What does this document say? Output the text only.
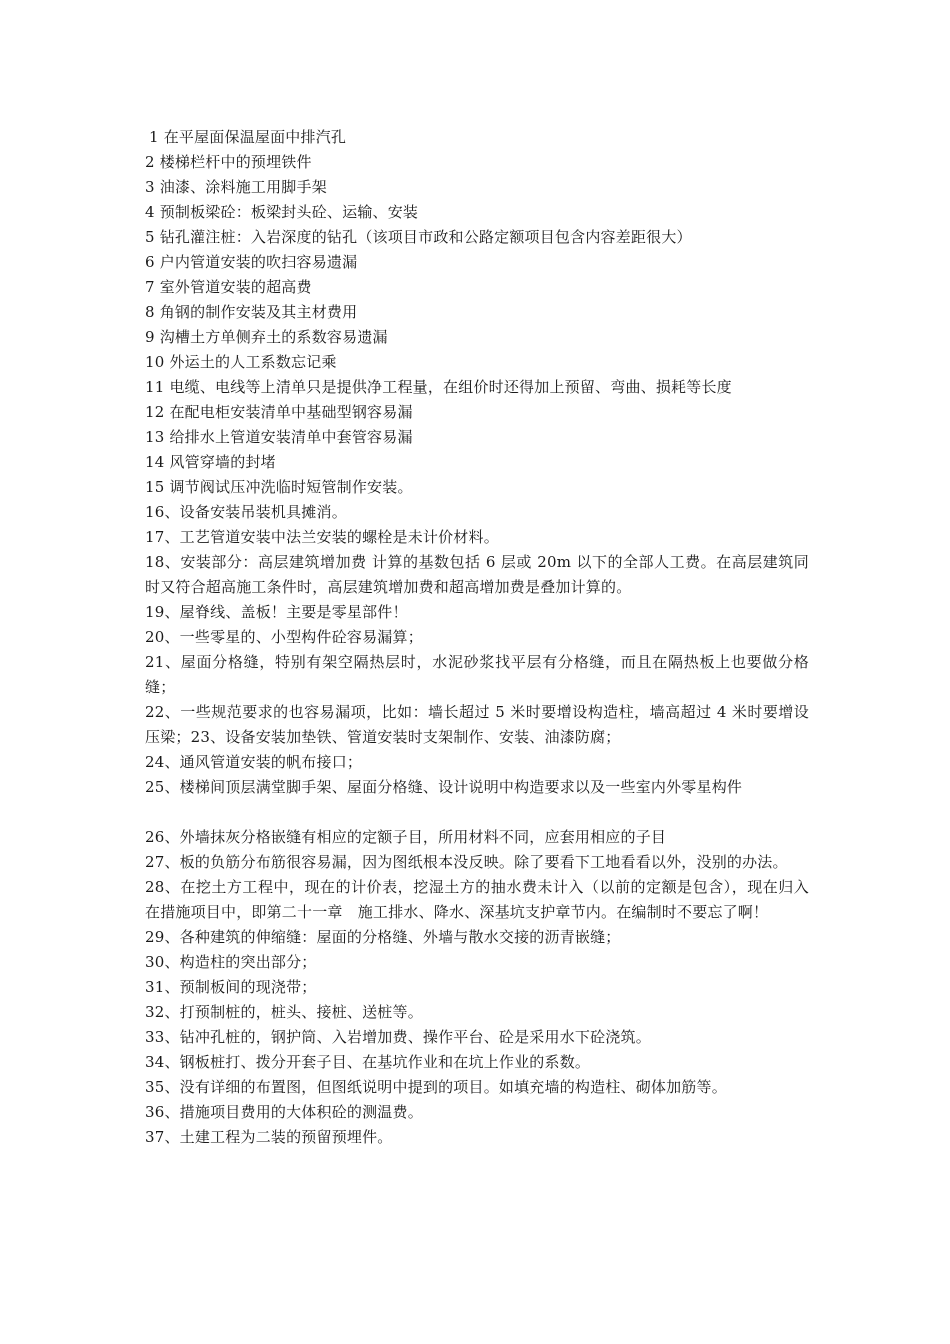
1 在平屋面保温屋面中排汽孔

2 楼梯栏杆中的预埋铁件

3 油漆、涂料施工用脚手架

4 预制板梁砼：板梁封头砼、运输、安装

5 钻孔灌注桩：入岩深度的钻孔（该项目市政和公路定额项目包含内容差距很大）

6 户内管道安装的吹扫容易遗漏

7 室外管道安装的超高费

8 角钢的制作安装及其主材费用

9 沟槽土方单侧弃土的系数容易遗漏

10 外运土的人工系数忘记乘

11 电缆、电线等上清单只是提供净工程量，在组价时还得加上预留、弯曲、损耗等长度

12 在配电柜安装清单中基础型钢容易漏

13 给排水上管道安装清单中套管容易漏

14 风管穿墙的封堵

15 调节阀试压冲洗临时短管制作安装。

16、设备安装吊装机具摊消。

17、工艺管道安装中法兰安装的螺栓是未计价材料。

18、安装部分：高层建筑增加费 计算的基数包括 6 层或 20m 以下的全部人工费。在高层建筑同时又符合超高施工条件时，高层建筑增加费和超高增加费是叠加计算的。

19、屋脊线、盖板！主要是零星部件！

20、一些零星的、小型构件砼容易漏算；

21、屋面分格缝，特别有架空隔热层时，水泥砂浆找平层有分格缝，而且在隔热板上也要做分格缝；

22、一些规范要求的也容易漏项，比如：墙长超过 5 米时要增设构造柱，墙高超过 4 米时要增设压梁；23、设备安装加垫铁、管道安装时支架制作、安装、油漆防腐；

24、通风管道安装的帆布接口；

25、楼梯间顶层满堂脚手架、屋面分格缝、设计说明中构造要求以及一些室内外零星构件

26、外墙抹灰分格嵌缝有相应的定额子目，所用材料不同，应套用相应的子目

27、板的负筋分布筋很容易漏，因为图纸根本没反映。除了要看下工地看看以外，没别的办法。

28、在挖土方工程中，现在的计价表，挖湿土方的抽水费未计入（以前的定额是包含），现在归入在措施项目中，即第二十一章　施工排水、降水、深基坑支护章节内。在编制时不要忘了啊！

29、各种建筑的伸缩缝：屋面的分格缝、外墙与散水交接的沥青嵌缝；

30、构造柱的突出部分；

31、预制板间的现浇带；

32、打预制桩的，桩头、接桩、送桩等。

33、钻冲孔桩的，钢护筒、入岩增加费、操作平台、砼是采用水下砼浇筑。

34、钢板桩打、拨分开套子目、在基坑作业和在坑上作业的系数。

35、没有详细的布置图，但图纸说明中提到的项目。如填充墙的构造柱、砌体加筋等。

36、措施项目费用的大体积砼的测温费。

37、土建工程为二装的预留预埋件。
